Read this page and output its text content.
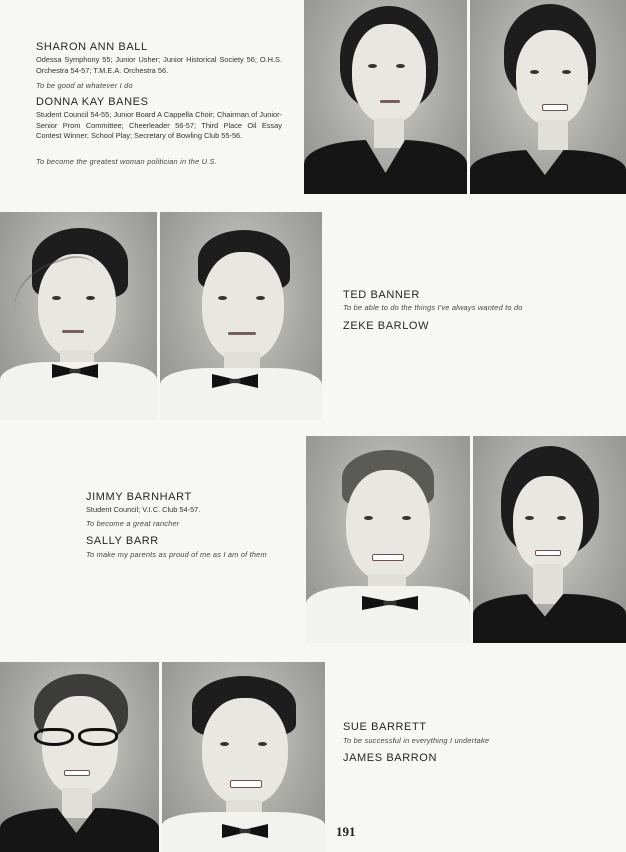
SHARON ANN BALL
Odessa Symphony 55; Junior Usher; Junior Historical Society 56; O.H.S. Orchestra 54-57; T.M.E.A. Orchestra 56.
To be good at whatever I do
DONNA KAY BANES
Student Council 54-55; Junior Board A Cappella Choir; Chairman of Junior-Senior Prom Committee; Cheerleader 56-57; Third Place Oil Essay Contest Winner; School Play; Secretary of Bowling Club 55-56.
To become the greatest woman politician in the U.S.
TED BANNER
To be able to do the things I've always wanted to do
ZEKE BARLOW
JIMMY BARNHART
Student Council; V.I.C. Club 54-57.
To become a great rancher
SALLY BARR
To make my parents as proud of me as I am of them
SUE BARRETT
To be successful in everything I undertake
JAMES BARRON
191
